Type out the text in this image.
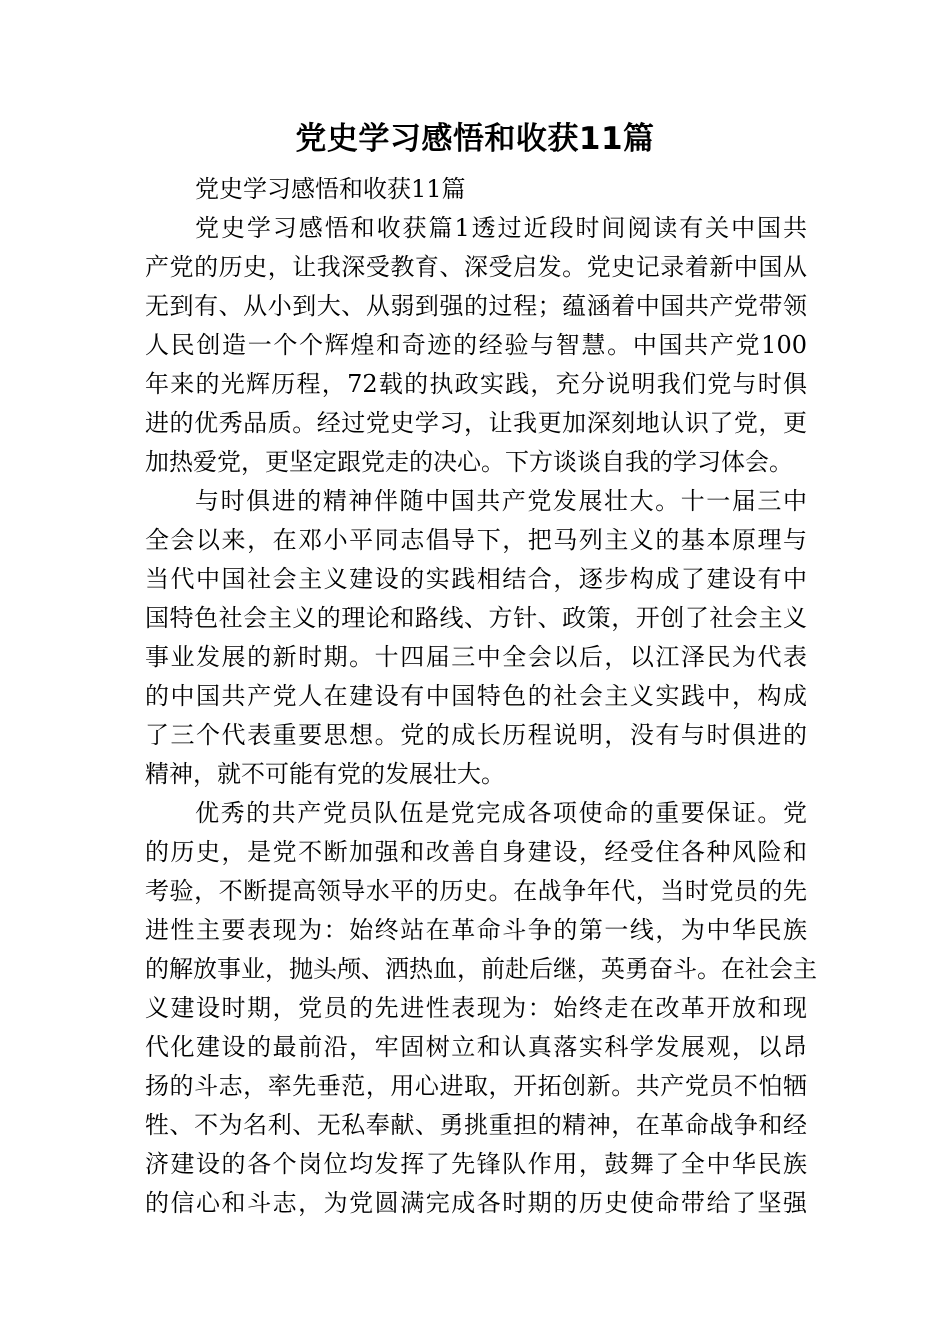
党史学习感悟和收获11篇
党史学习感悟和收获11篇
党史学习感悟和收获篇1透过近段时间阅读有关中国共
产党的历史，让我深受教育、深受启发。党史记录着新中国从
无到有、从小到大、从弱到强的过程；蕴涵着中国共产党带领
人民创造一个个辉煌和奇迹的经验与智慧。中国共产党100
年来的光辉历程，72载的执政实践，充分说明我们党与时俱
进的优秀品质。经过党史学习，让我更加深刻地认识了党，更
加热爱党，更坚定跟党走的决心。下方谈谈自我的学习体会。
与时俱进的精神伴随中国共产党发展壮大。十一届三中
全会以来，在邓小平同志倡导下，把马列主义的基本原理与
当代中国社会主义建设的实践相结合，逐步构成了建设有中
国特色社会主义的理论和路线、方针、政策，开创了社会主义
事业发展的新时期。十四届三中全会以后，以江泽民为代表
的中国共产党人在建设有中国特色的社会主义实践中，构成
了三个代表重要思想。党的成长历程说明，没有与时俱进的
精神，就不可能有党的发展壮大。
优秀的共产党员队伍是党完成各项使命的重要保证。党
的历史，是党不断加强和改善自身建设，经受住各种风险和
考验，不断提高领导水平的历史。在战争年代，当时党员的先
进性主要表现为：始终站在革命斗争的第一线，为中华民族
的解放事业，抛头颅、洒热血，前赴后继，英勇奋斗。在社会主
义建设时期，党员的先进性表现为：始终走在改革开放和现
代化建设的最前沿，牢固树立和认真落实科学发展观，以昂
扬的斗志，率先垂范，用心进取，开拓创新。共产党员不怕牺
牲、不为名利、无私奉献、勇挑重担的精神，在革命战争和经
济建设的各个岗位均发挥了先锋队作用，鼓舞了全中华民族
的信心和斗志，为党圆满完成各时期的历史使命带给了坚强
